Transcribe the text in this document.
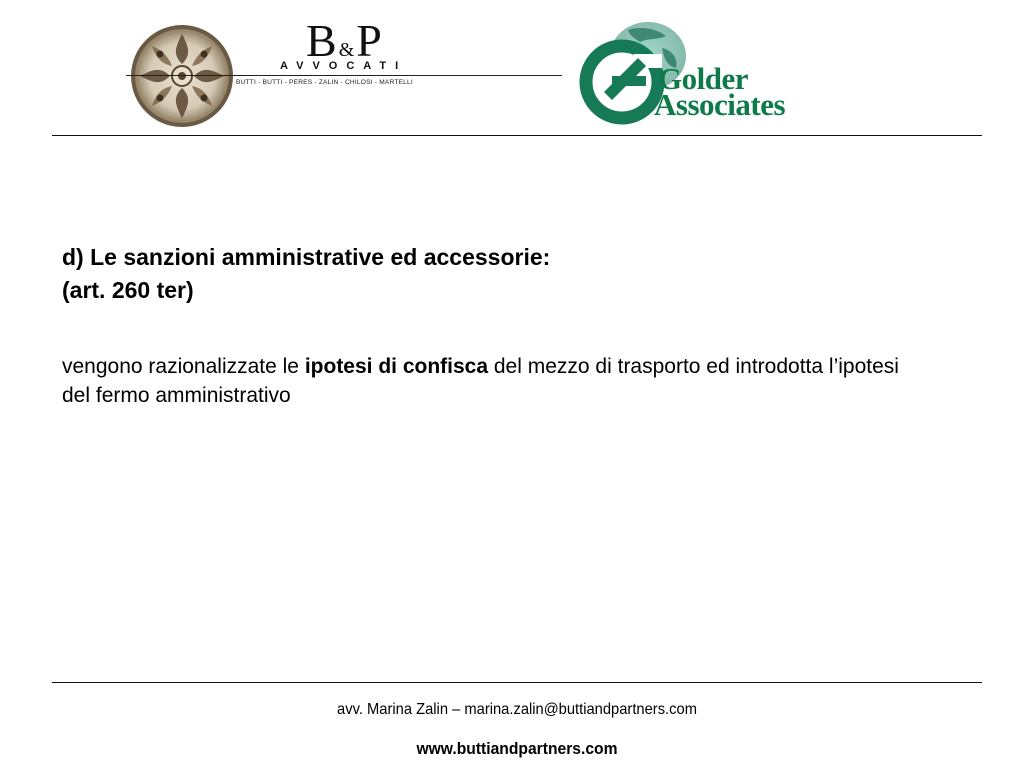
B&P
AVVOCATI
BUTTI - BUTTI - PERES - ZALIN - CHILOSI - MARTELLI	Golder
Associates
d) Le sanzioni amministrative ed accessorie:
(art. 260 ter)
vengono razionalizzate le ipotesi di confisca del mezzo di trasporto ed introdotta l’ipotesi del fermo amministrativo
avv. Marina Zalin – marina.zalin@buttiandpartners.com
www.buttiandpartners.com
